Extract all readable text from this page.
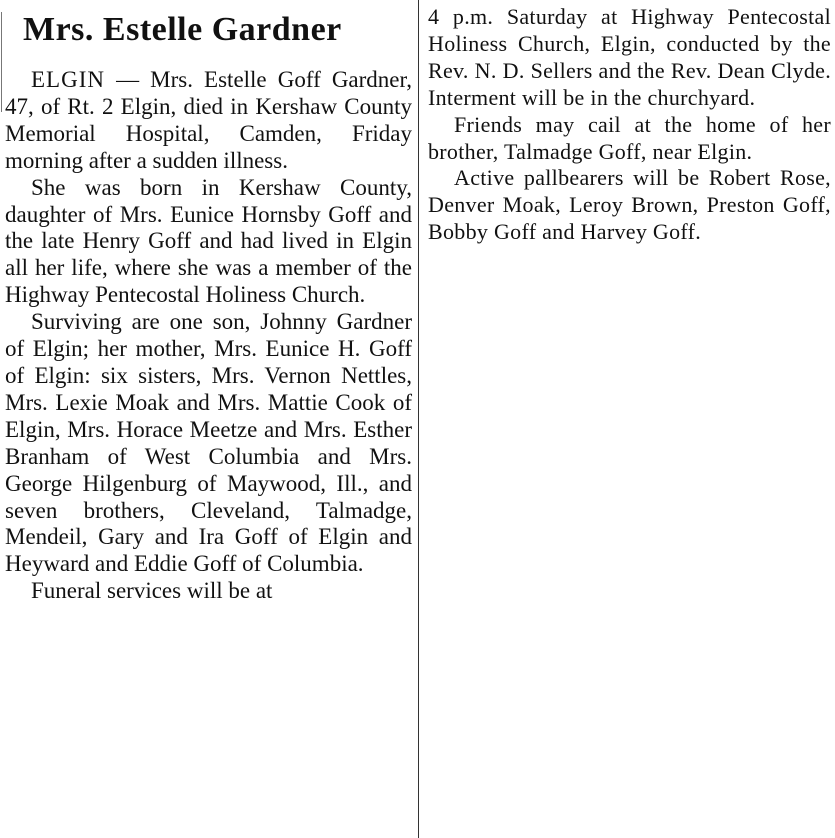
Mrs. Estelle Gardner

ELGIN — Mrs. Estelle Goff Gardner, 47, of Rt. 2 Elgin, died in Kershaw County Memorial Hospital, Camden, Friday morning after a sudden illness.

She was born in Kershaw County, daughter of Mrs. Eunice Hornsby Goff and the late Henry Goff and had lived in Elgin all her life, where she was a member of the Highway Pentecostal Holiness Church.

Surviving are one son, Johnny Gardner of Elgin; her mother, Mrs. Eunice H. Goff of Elgin: six sisters, Mrs. Vernon Nettles, Mrs. Lexie Moak and Mrs. Mattie Cook of Elgin, Mrs. Horace Meetze and Mrs. Esther Branham of West Columbia and Mrs. George Hilgenburg of Maywood, Ill., and seven brothers, Cleveland, Talmadge, Mendeil, Gary and Ira Goff of Elgin and Heyward and Eddie Goff of Columbia.

Funeral services will be at

4 p.m. Saturday at Highway Pentecostal Holiness Church, Elgin, conducted by the Rev. N. D. Sellers and the Rev. Dean Clyde. Interment will be in the churchyard.

Friends may cail at the home of her brother, Talmadge Goff, near Elgin.

Active pallbearers will be Robert Rose, Denver Moak, Leroy Brown, Preston Goff, Bobby Goff and Harvey Goff.
